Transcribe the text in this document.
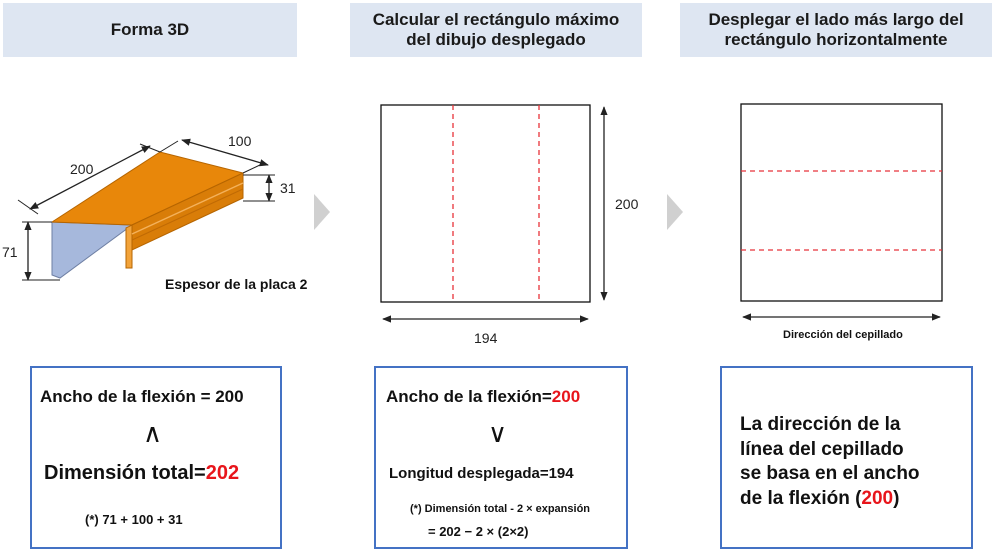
Forma 3D
Calcular el rectángulo máximo
del dibujo desplegado
Desplegar el lado más largo del
rectángulo horizontalmente
200
100
31
71
200
194
Espesor de la placa 2
Dirección del cepillado
Ancho de la flexión = 200
∧
Dimensión total=202
(*) 71 + 100 + 31
Ancho de la flexión=200
∨
Longitud desplegada=194
(*) Dimensión total - 2 × expansión
= 202 − 2 × (2×2)
La dirección de la
línea del cepillado
se basa en el ancho
de la flexión (200)
